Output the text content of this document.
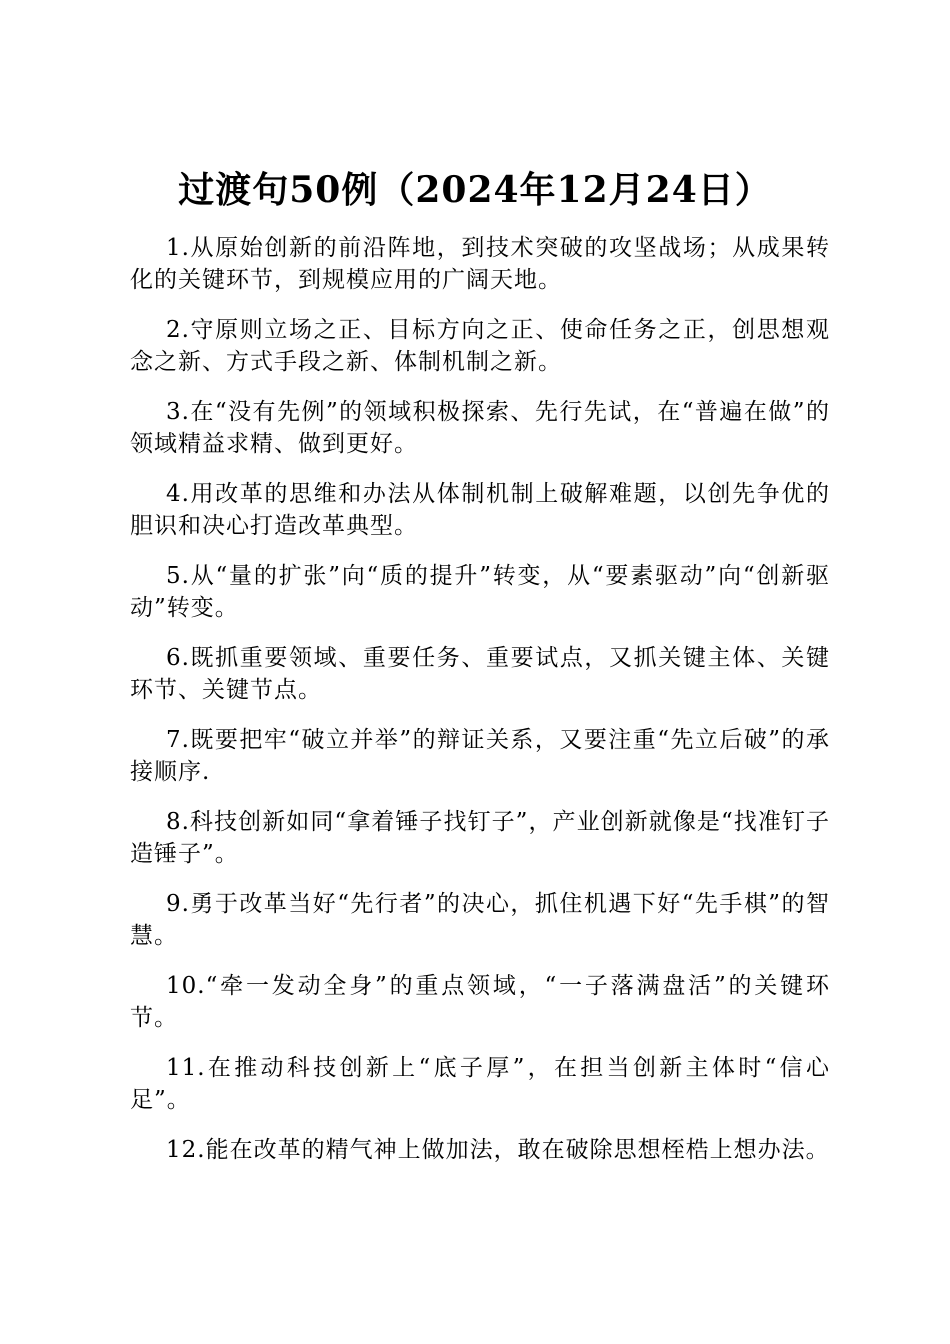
过渡句50例（2024年12月24日）

1.从原始创新的前沿阵地，到技术突破的攻坚战场；从成果转化的关键环节，到规模应用的广阔天地。

2.守原则立场之正、目标方向之正、使命任务之正，创思想观念之新、方式手段之新、体制机制之新。

3.在“没有先例”的领域积极探索、先行先试，在“普遍在做”的领域精益求精、做到更好。

4.用改革的思维和办法从体制机制上破解难题，以创先争优的胆识和决心打造改革典型。

5.从“量的扩张”向“质的提升”转变，从“要素驱动”向“创新驱动”转变。

6.既抓重要领域、重要任务、重要试点，又抓关键主体、关键环节、关键节点。

7.既要把牢“破立并举”的辩证关系，又要注重“先立后破”的承接顺序.

8.科技创新如同“拿着锤子找钉子”，产业创新就像是“找准钉子造锤子”。

9.勇于改革当好“先行者”的决心，抓住机遇下好“先手棋”的智慧。

10.“牵一发动全身”的重点领域，“一子落满盘活”的关键环节。

11.在推动科技创新上“底子厚”，在担当创新主体时“信心足”。

12.能在改革的精气神上做加法，敢在破除思想桎梏上想办法。
